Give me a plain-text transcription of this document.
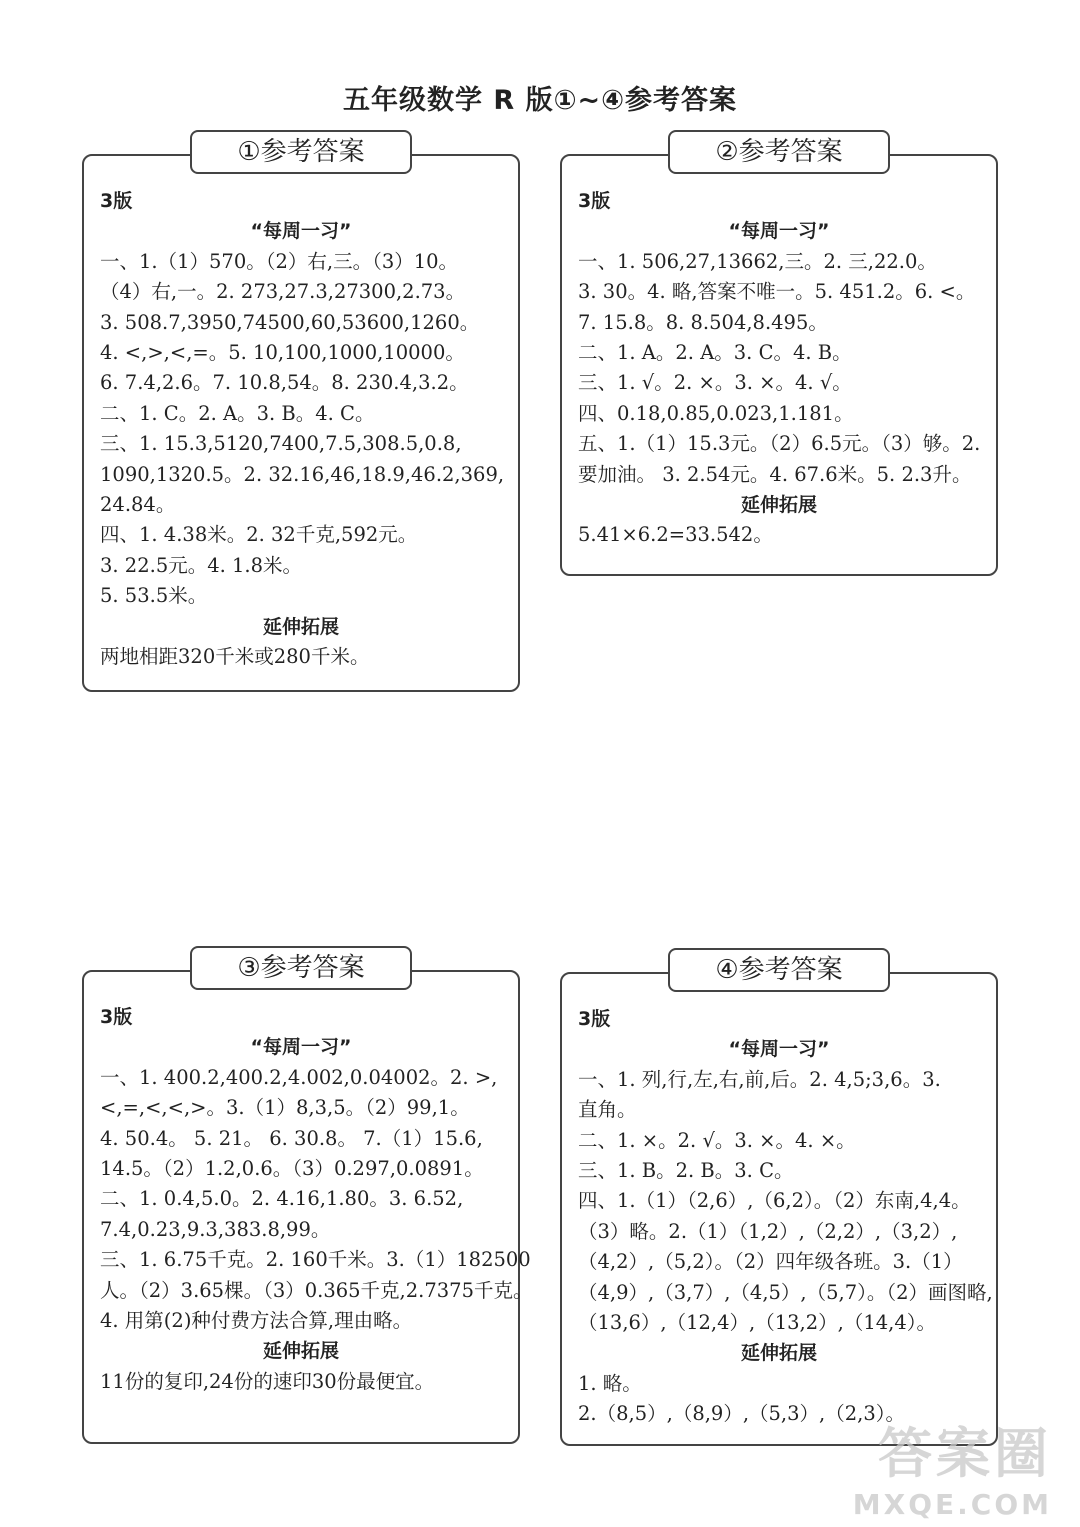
五年级数学 R 版①~④参考答案
3版
“每周一习”
一、1.（1）570。（2）右,三。（3）10。
（4）右,一。2. 273,27.3,27300,2.73。
3. 508.7,3950,74500,60,53600,1260。
4. <,>,<,=。5. 10,100,1000,10000。
6. 7.4,2.6。7. 10.8,54。8. 230.4,3.2。
二、1. C。2. A。3. B。4. C。
三、1. 15.3,5120,7400,7.5,308.5,0.8,
1090,1320.5。2. 32.16,46,18.9,46.2,369,
24.84。
四、1. 4.38米。2. 32千克,592元。
3. 22.5元。4. 1.8米。
5. 53.5米。
延伸拓展
两地相距320千米或280千米。
①参考答案
3版
“每周一习”
一、1. 506,27,13662,三。2. 三,22.0。
3. 30。4. 略,答案不唯一。5. 451.2。6. <。
7. 15.8。8. 8.504,8.495。
二、1. A。2. A。3. C。4. B。
三、1. √。2. ×。3. ×。4. √。
四、0.18,0.85,0.023,1.181。
五、1.（1）15.3元。（2）6.5元。（3）够。2.
要加油。 3. 2.54元。4. 67.6米。5. 2.3升。
延伸拓展
5.41×6.2=33.542。
②参考答案
3版
“每周一习”
一、1. 400.2,400.2,4.002,0.04002。2. >,
<,=,<,<,>。3.（1）8,3,5。（2）99,1。
4. 50.4。 5. 21。 6. 30.8。 7.（1）15.6,
14.5。（2）1.2,0.6。（3）0.297,0.0891。
二、1. 0.4,5.0。2. 4.16,1.80。3. 6.52,
7.4,0.23,9.3,383.8,99。
三、1. 6.75千克。2. 160千米。3.（1）182500
人。（2）3.65棵。（3）0.365千克,2.7375千克。
4. 用第(2)种付费方法合算,理由略。
延伸拓展
11份的复印,24份的速印30份最便宜。
③参考答案
3版
“每周一习”
一、1. 列,行,左,右,前,后。2. 4,5;3,6。3.
直角。
二、1. ×。2. √。3. ×。4. ×。
三、1. B。2. B。3. C。
四、1.（1）（2,6）,（6,2）。（2）东南,4,4。
（3）略。2.（1）（1,2）,（2,2）,（3,2）,
（4,2）,（5,2）。（2）四年级各班。3.（1）
（4,9）,（3,7）,（4,5）,（5,7）。（2）画图略,
（13,6）,（12,4）,（13,2）,（14,4）。
延伸拓展
1. 略。
2.（8,5）,（8,9）,（5,3）,（2,3）。
④参考答案
答案圈
MXQE.COM
